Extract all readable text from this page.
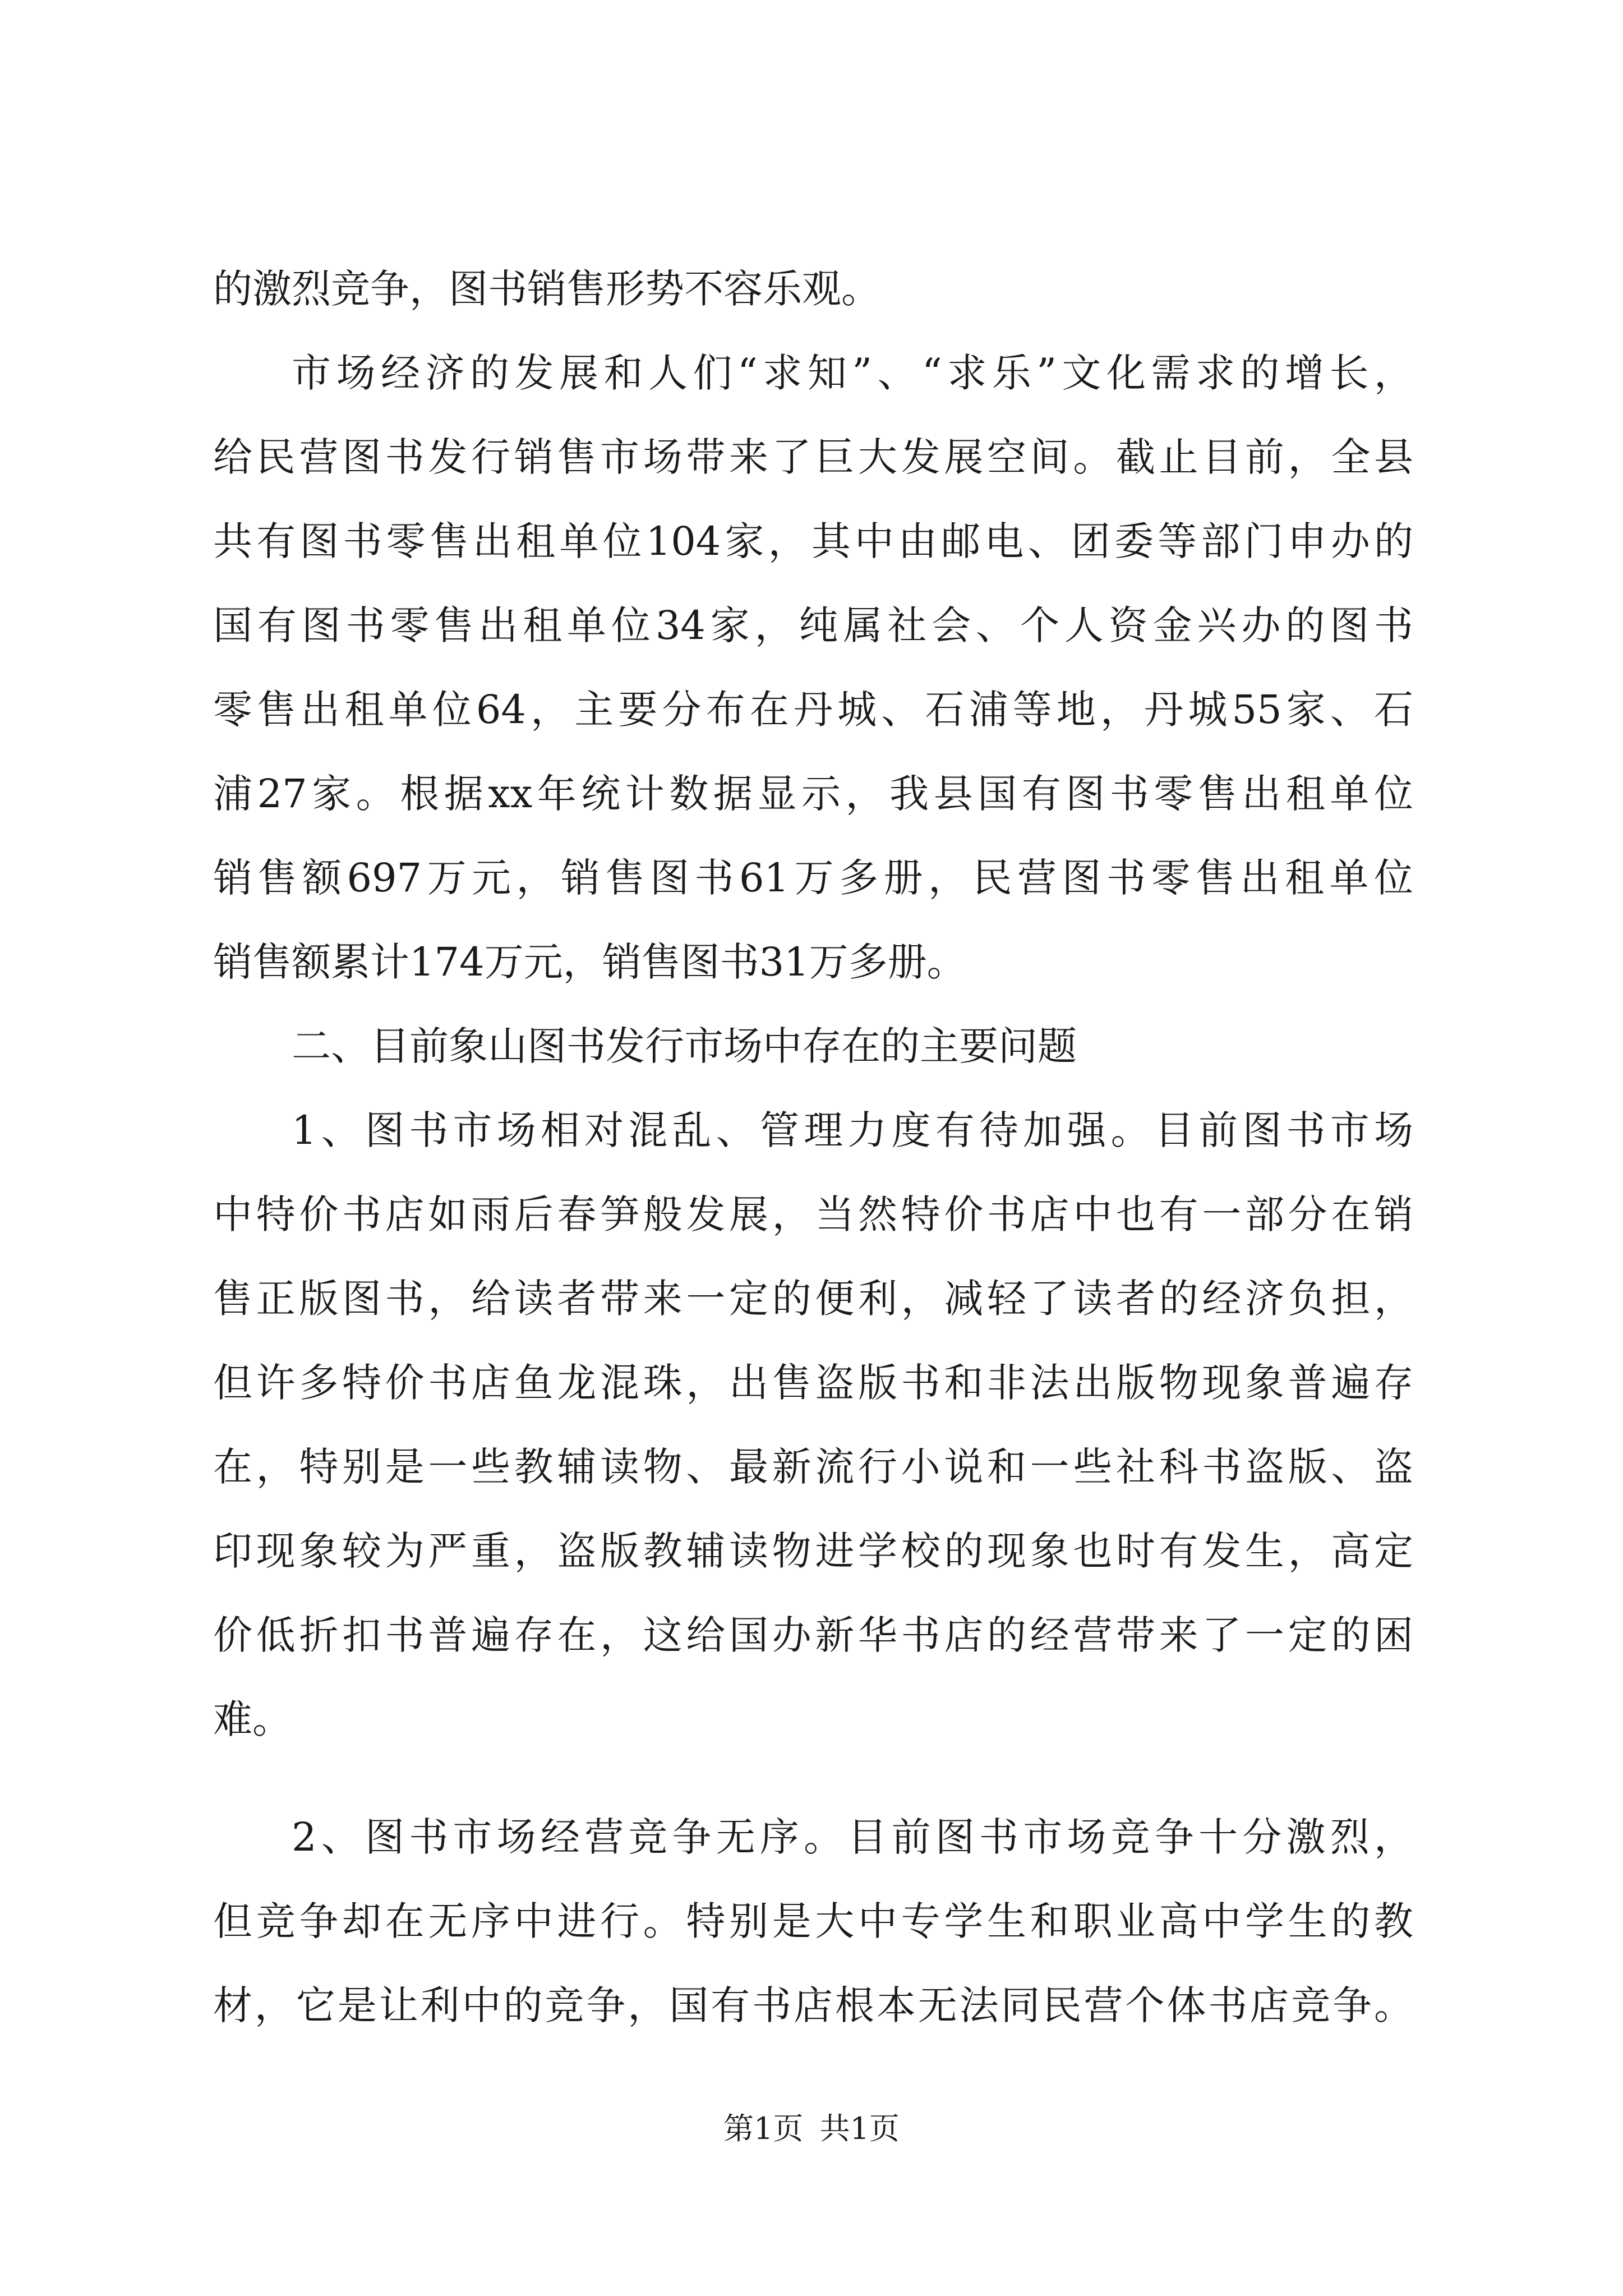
的激烈竞争，图书销售形势不容乐观。
市场经济的发展和人们“求知”、“求乐”文化需求的增长，
给民营图书发行销售市场带来了巨大发展空间。截止目前，全县
共有图书零售出租单位104家，其中由邮电、团委等部门申办的
国有图书零售出租单位34家，纯属社会、个人资金兴办的图书
零售出租单位64，主要分布在丹城、石浦等地，丹城55家、石
浦27家。根据xx年统计数据显示，我县国有图书零售出租单位
销售额697万元，销售图书61万多册，民营图书零售出租单位
销售额累计174万元，销售图书31万多册。
二、目前象山图书发行市场中存在的主要问题
1、图书市场相对混乱、管理力度有待加强。目前图书市场
中特价书店如雨后春笋般发展，当然特价书店中也有一部分在销
售正版图书，给读者带来一定的便利，减轻了读者的经济负担，
但许多特价书店鱼龙混珠，出售盗版书和非法出版物现象普遍存
在，特别是一些教辅读物、最新流行小说和一些社科书盗版、盗
印现象较为严重，盗版教辅读物进学校的现象也时有发生，高定
价低折扣书普遍存在，这给国办新华书店的经营带来了一定的困
难。
2、图书市场经营竞争无序。目前图书市场竞争十分激烈，
但竞争却在无序中进行。特别是大中专学生和职业高中学生的教
材，它是让利中的竞争，国有书店根本无法同民营个体书店竞争。
第1页 共1页
